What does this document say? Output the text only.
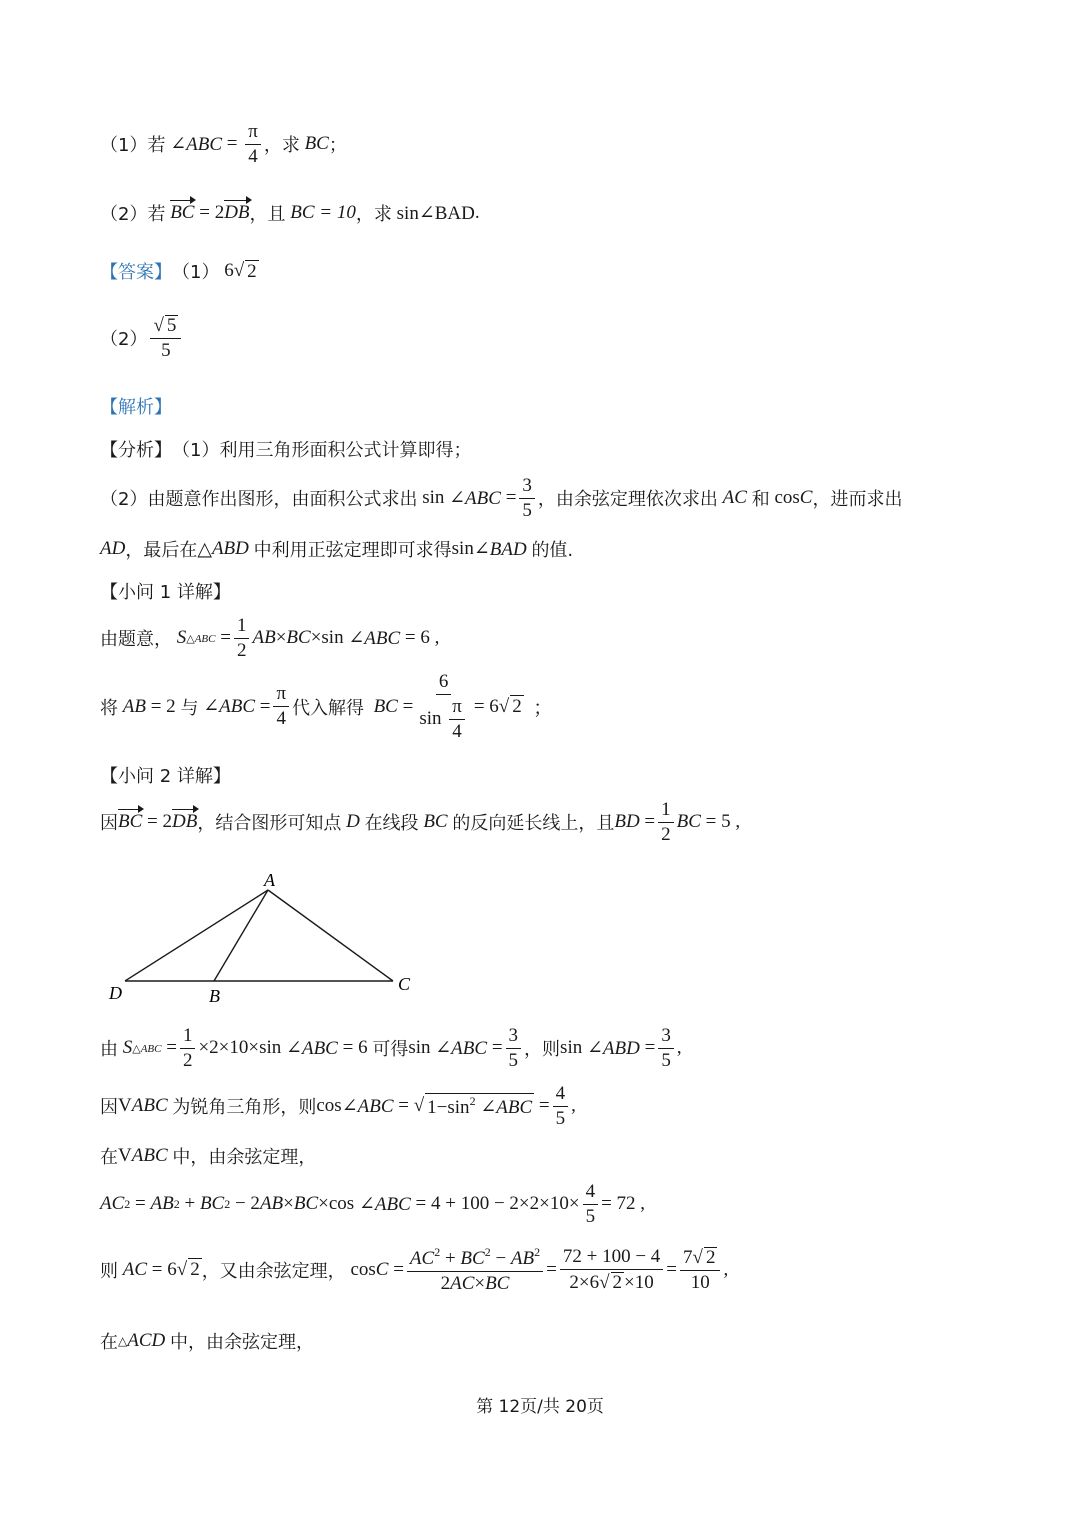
（1）若 ∠ABC = $\frac{\pi}{4}$ ，求
BC ；
（2）若
BC = 2 DB ，且
BC = 10 ，求
sin∠BAD .
【答案】 （1）
6 √ 2
$(2) \frac{√ 5}{5}$
【解析】
【分析】 （1）利用三角形面积公式计算即得；
（2）由题意作出图形，由面积公式求出 sin ∠ABC = $\frac{3}{5}$ ，由余弦定理依次求出
AC
和 cos C ，进而求出
AD ，最后在 △ ABD
中利用正弦定理即可求得 sin ∠BAD
的值.
【小问 1 详解】
由题意，
S △ABC = $\frac{1}{2}$ AB × BC ×sin ∠ABC = 6 ,
将
AB = 2 与
∠ABC = $\frac{\pi}{4}$ 代入解得
BC = $\frac{6}{\sin \frac{\pi}{4}} = 6√$ 2 ；
【小问 2 详解】
因 BC = 2 DB ，结合图形可知点
D
在线段
BC
的反向延长线上，且 BD = $\frac{1}{2}$ BC = 5 ,
A
B
C
D
由
S △ABC = $\frac{1}{2} \times 2\times 10\times\sin$ ∠ABC = 6 可得 sin ∠ABC = $\frac{3}{5}$ ，则 sin ∠ABD = $\frac{3}{5}$ ,
因 V ABC
为锐角三角形，则 cos ∠ABC = √ $1-\sin^2$ ∠ABC = $\frac{4}{5}$ ,
在 V ABC
中，由余弦定理，
AC 2 = AB 2 + BC 2 − 2 AB × BC ×cos ∠ABC = $4 + 100 - 2\times 2\times 10\times \frac{4}{5} = 72$ ,
则
AC = 6√ 2 ，又由余弦定理， $\cos C = \frac{AC^2 + BC^2 - AB^2}{2AC\times BC} = \frac{72 + 100 - 4}{2\times 6√ 2 \times 10} = \frac{7√ 2}{10}$ ,
在 △ ACD
中，由余弦定理，
第 12页/共 20页
